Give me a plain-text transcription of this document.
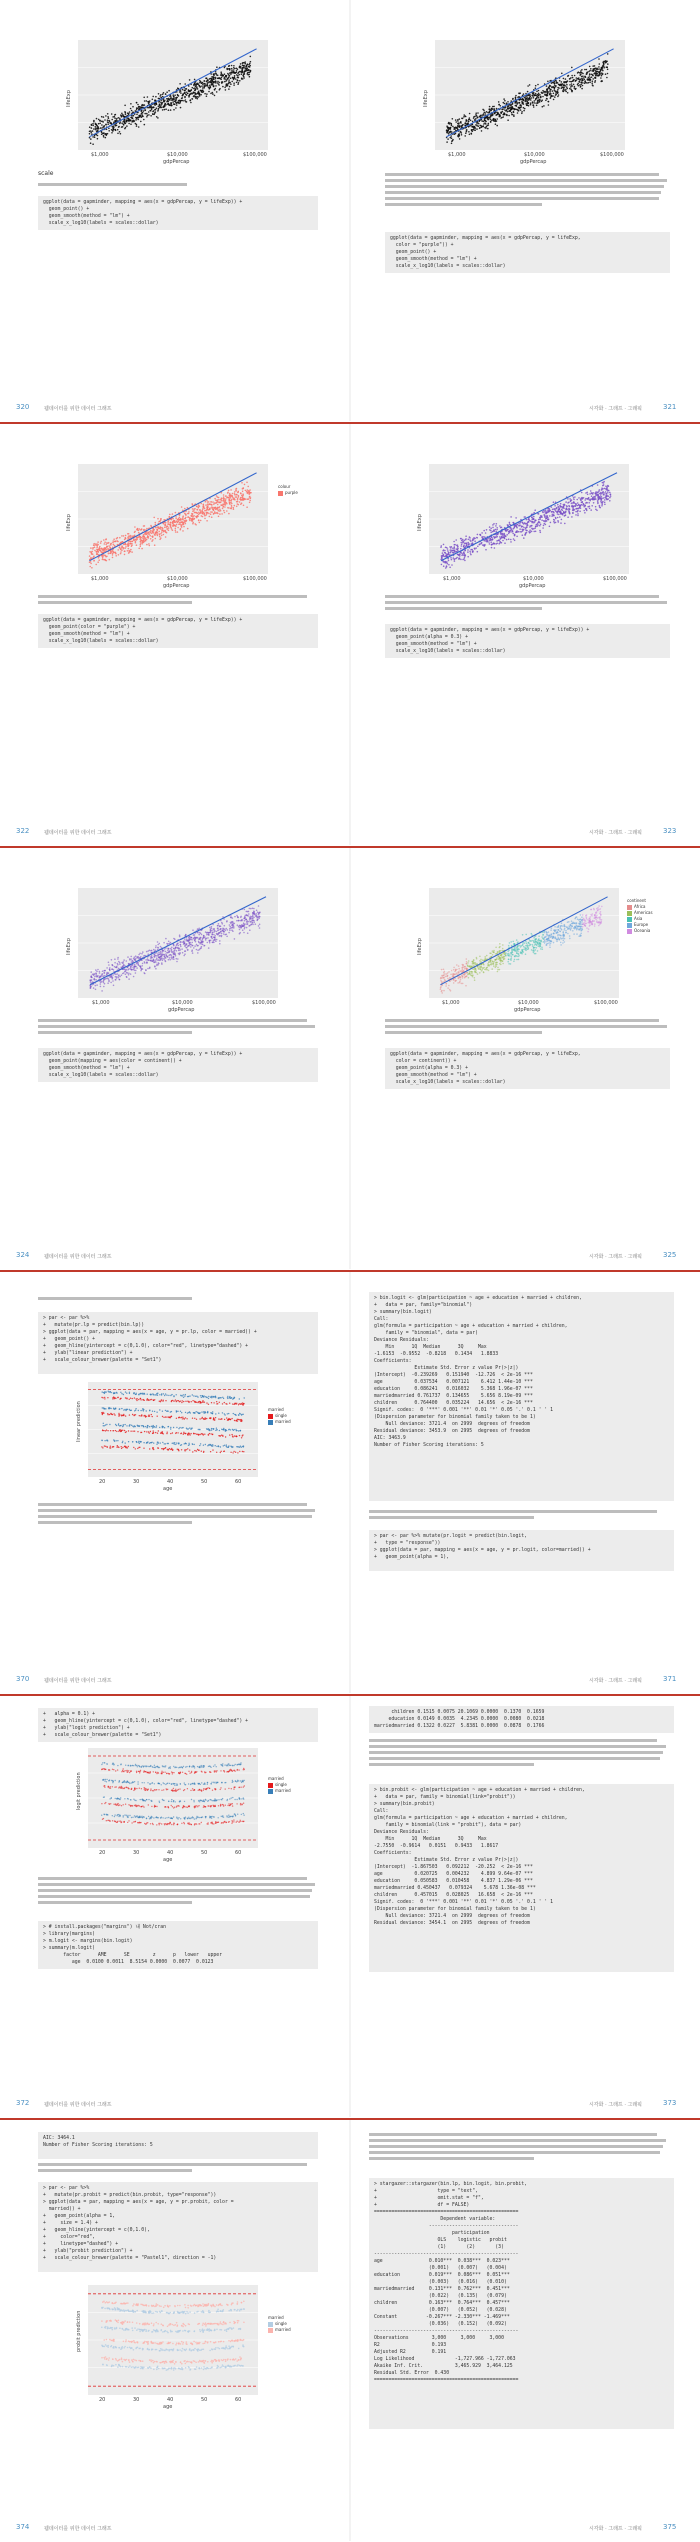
320	웹데이터를 위한 데이터 그래프
lifeExp
gdpPercap
$1,000	$10,000	$100,000
scale
ggplot(data = gapminder, mapping = aes(x = gdpPercap, y = lifeExp)) +
geom_point() +
geom_smooth(method = "lm") +
scale_x_log10(labels = scales::dollar)
321
시각화 · 그래프 · 그래픽
lifeExp
gdpPercap
$1,000	$10,000	$100,000
ggplot(data = gapminder, mapping = aes(x = gdpPercap, y = lifeExp,
color = "purple")) +
geom_point() +
geom_smooth(method = "lm") +
scale_x_log10(labels = scales::dollar)
322	웹데이터를 위한 데이터 그래프
lifeExp
gdpPercap
$1,000	$10,000	$100,000
colour
purple
ggplot(data = gapminder, mapping = aes(x = gdpPercap, y = lifeExp)) +
geom_point(color = "purple") +
geom_smooth(method = "lm") +
scale_x_log10(labels = scales::dollar)
323
시각화 · 그래프 · 그래픽
lifeExp
gdpPercap
$1,000	$10,000	$100,000
ggplot(data = gapminder, mapping = aes(x = gdpPercap, y = lifeExp)) +
geom_point(alpha = 0.3) +
geom_smooth(method = "lm") +
scale_x_log10(labels = scales::dollar)
324	웹데이터를 위한 데이터 그래프
lifeExp
gdpPercap
$1,000	$10,000	$100,000
ggplot(data = gapminder, mapping = aes(x = gdpPercap, y = lifeExp)) +
geom_point(mapping = aes(color = continent)) +
geom_smooth(method = "lm") +
scale_x_log10(labels = scales::dollar)
325
시각화 · 그래프 · 그래픽
lifeExp
gdpPercap
$1,000	$10,000	$100,000
continent
Africa
Americas
Asia
Europe
Oceania
ggplot(data = gapminder, mapping = aes(x = gdpPercap, y = lifeExp,
color = continent)) +
geom_point(alpha = 0.3) +
geom_smooth(method = "lm") +
scale_x_log10(labels = scales::dollar)
370	웹데이터를 위한 데이터 그래프
> par <- par %>%
+   mutate(pr.lp = predict(bin.lp))
> ggplot(data = par, mapping = aes(x = age, y = pr.lp, color = married)) +
+   geom_point() +
+   geom_hline(yintercept = c(0,1.0), color="red", linetype="dashed") +
+   ylab("linear prediction") +
+   scale_colour_brewer(palette = "Set1")
linear prediction
age
20	30	40	50	60
married
single
married
371
시각화 · 그래프 · 그래픽
> bin.logit <- glm(participation ~ age + education + married + children,
+   data = par, family="binomial")
> summary(bin.logit)
Call:
glm(formula = participation ~ age + education + married + children,
family = "binomial", data = par)
Deviance Residuals:
Min      1Q  Median      3Q     Max
-1.6153  -0.9552  -0.8218   0.1434   1.8833
Coefficients:
Estimate Std. Error z value Pr(>|z|)
(Intercept)  -0.239269   0.151940  -12.726  < 2e-16 ***
age           0.037534   0.007121    6.412 1.44e-10 ***
education     0.086241   0.016032    5.368 1.96e-07 ***
marriedmarried 0.761737  0.134655    5.656 8.19e-09 ***
children      0.764400   0.035224   14.656  < 2e-16 ***
Signif. codes:  0 '***' 0.001 '**' 0.01 '*' 0.05 '.' 0.1 ' ' 1
(Dispersion parameter for binomial family taken to be 1)
Null deviance: 3721.4  on 2999  degrees of freedom
Residual deviance: 3453.9  on 2995  degrees of freedom
AIC: 3463.9
Number of Fisher Scoring iterations: 5
> par <- par %>% mutate(pr.logit = predict(bin.logit,
+   type = "response"))
> ggplot(data = par, mapping = aes(x = age, y = pr.logit, color=married)) +
+   geom_point(alpha = 1),
372	웹데이터를 위한 데이터 그래프
+   alpha = 0.1) +
+   geom_hline(yintercept = c(0,1.0), color="red", linetype="dashed") +
+   ylab("logit prediction") +
+   scale_colour_brewer(palette = "Set1")
logit prediction
age
20	30	40	50	60
married
single
married
> # install.packages("margins") 내 Not/cran
> library(margins)
> m.logit <- margins(bin.logit)
> summary(m.logit)
factor      AME      SE        z      p   lower   upper
age  0.0100 0.0011  8.5154 0.0000  0.0077  0.0123
373
시각화 · 그래프 · 그래픽
children 0.1515 0.0075 20.1069 0.0000  0.1370  0.1659
education 0.0149 0.0035  4.2345 0.0000  0.0080  0.0218
marriedmarried 0.1322 0.0227  5.8381 0.0000  0.0878  0.1766
> bin.probit <- glm(participation ~ age + education + married + children,
+   data = par, family = binomial(link="probit"))
> summary(bin.probit)
Call:
glm(formula = participation ~ age + education + married + children,
family = binomial(link = "probit"), data = par)
Deviance Residuals:
Min      1Q  Median      3Q     Max
-2.7550  -0.9614   0.0151   0.9433   1.8617
Coefficients:
Estimate Std. Error z value Pr(>|z|)
(Intercept)  -1.867503   0.092212  -20.252  < 2e-16 ***
age           0.020725   0.004232    4.899 9.64e-07 ***
education     0.050583   0.010458    4.837 1.29e-06 ***
marriedmarried 0.450437   0.079324    5.678 1.36e-08 ***
children      0.457015   0.028025   16.658  < 2e-16 ***
Signif. codes:  0 '***' 0.001 '**' 0.01 '*' 0.05 '.' 0.1 ' ' 1
(Dispersion parameter for binomial family taken to be 1)
Null deviance: 3721.4  on 2999  degrees of freedom
Residual deviance: 3454.1  on 2995  degrees of freedom
374	웹데이터를 위한 데이터 그래프
AIC: 3464.1
Number of Fisher Scoring iterations: 5
> par <- par %>%
+   mutate(pr.probit = predict(bin.probit, type="response"))
> ggplot(data = par, mapping = aes(x = age, y = pr.probit, color =
married)) +
+   geom_point(alpha = 1,
+     size = 1.4) +
+   geom_hline(yintercept = c(0,1.0),
+     color="red",
+     linetype="dashed") +
+   ylab("probit prediction") +
+   scale_colour_brewer(palette = "Pastel1", direction = -1)
probit prediction
age
20	30	40	50	60
married
single
married
375
시각화 · 그래프 · 그래픽
> stargazer::stargazer(bin.lp, bin.logit, bin.probit,
+                     type = "text",
+                     omit.stat = "f",
+                     df = FALSE)
==================================================
Dependent variable:
-------------------------------
participation
OLS    logistic   probit
(1)       (2)       (3)
--------------------------------------------------
age                0.010***  0.038***  0.023***
(0.001)   (0.007)   (0.004)
education          0.019***  0.086***  0.051***
(0.003)   (0.016)   (0.010)
marriedmarried     0.131***  0.762***  0.451***
(0.022)   (0.135)   (0.079)
children           0.163***  0.764***  0.457***
(0.007)   (0.052)   (0.028)
Constant          -0.267*** -2.330*** -1.469***
(0.036)   (0.152)   (0.092)
--------------------------------------------------
Observations        3,000     3,000     3,000
R2                  0.193
Adjusted R2         0.191
Log Likelihood              -1,727.966 -1,727.063
Akaike Inf. Crit.           3,465.929  3,464.125
Residual Std. Error  0.430
==================================================
